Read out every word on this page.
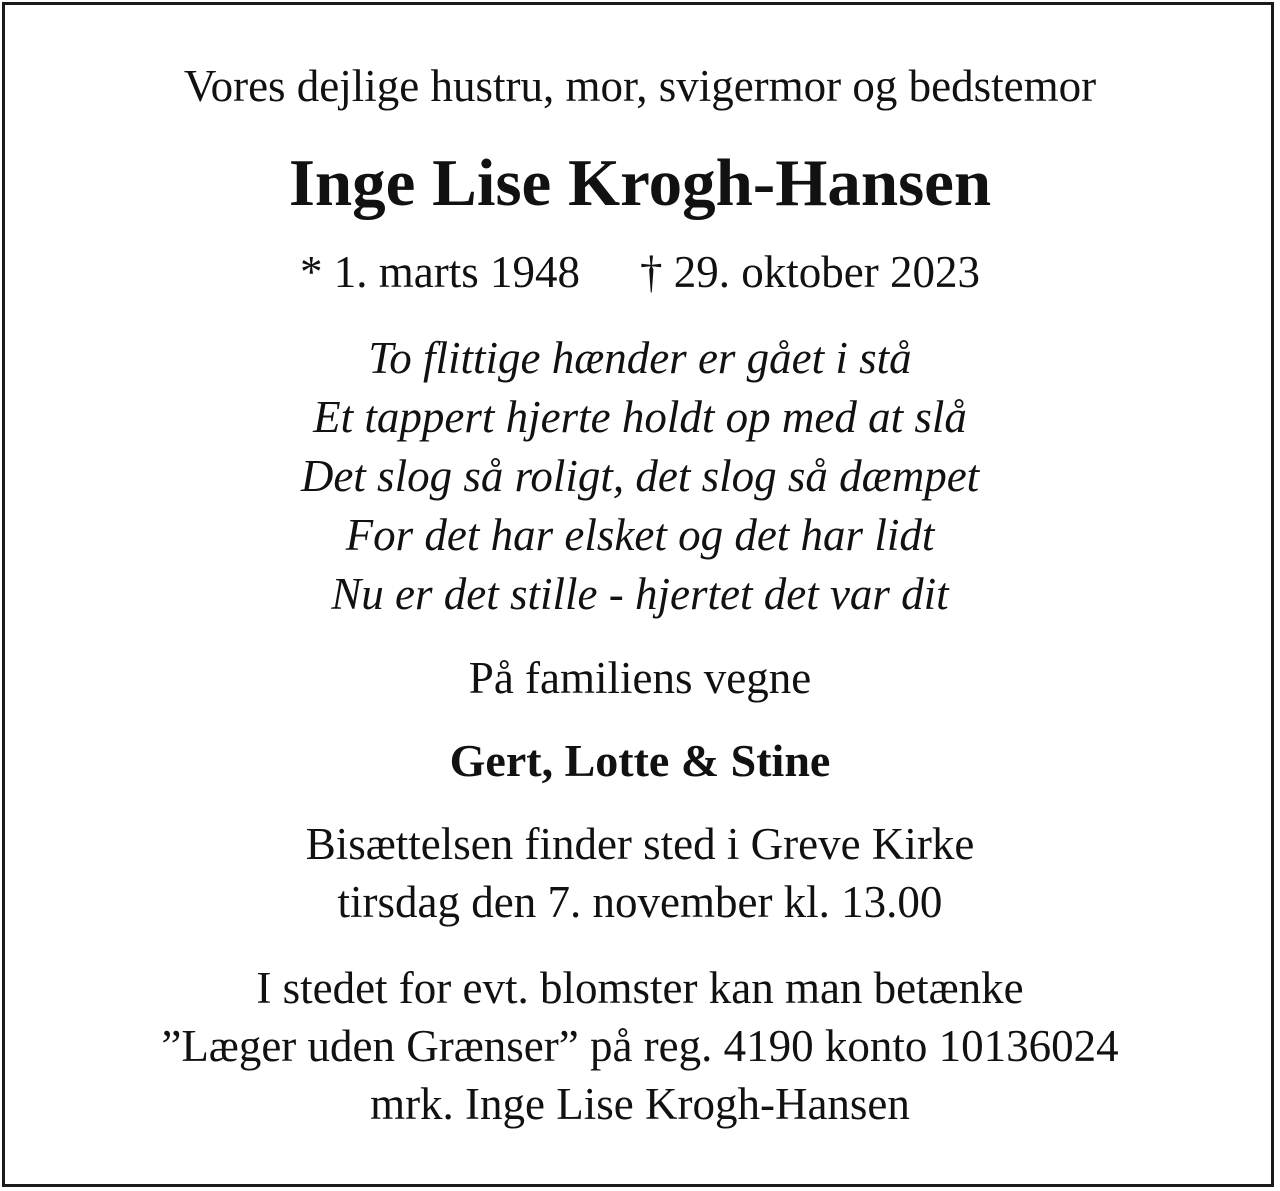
Vores dejlige hustru, mor, svigermor og bedstemor
Inge Lise Krogh-Hansen
* 1. marts 1948 † 29. oktober 2023
To flittige hænder er gået i stå
Et tappert hjerte holdt op med at slå
Det slog så roligt, det slog så dæmpet
For det har elsket og det har lidt
Nu er det stille - hjertet det var dit
På familiens vegne
Gert, Lotte & Stine
Bisættelsen finder sted i Greve Kirke
tirsdag den 7. november kl. 13.00
I stedet for evt. blomster kan man betænke
”Læger uden Grænser” på reg. 4190 konto 10136024
mrk. Inge Lise Krogh-Hansen
